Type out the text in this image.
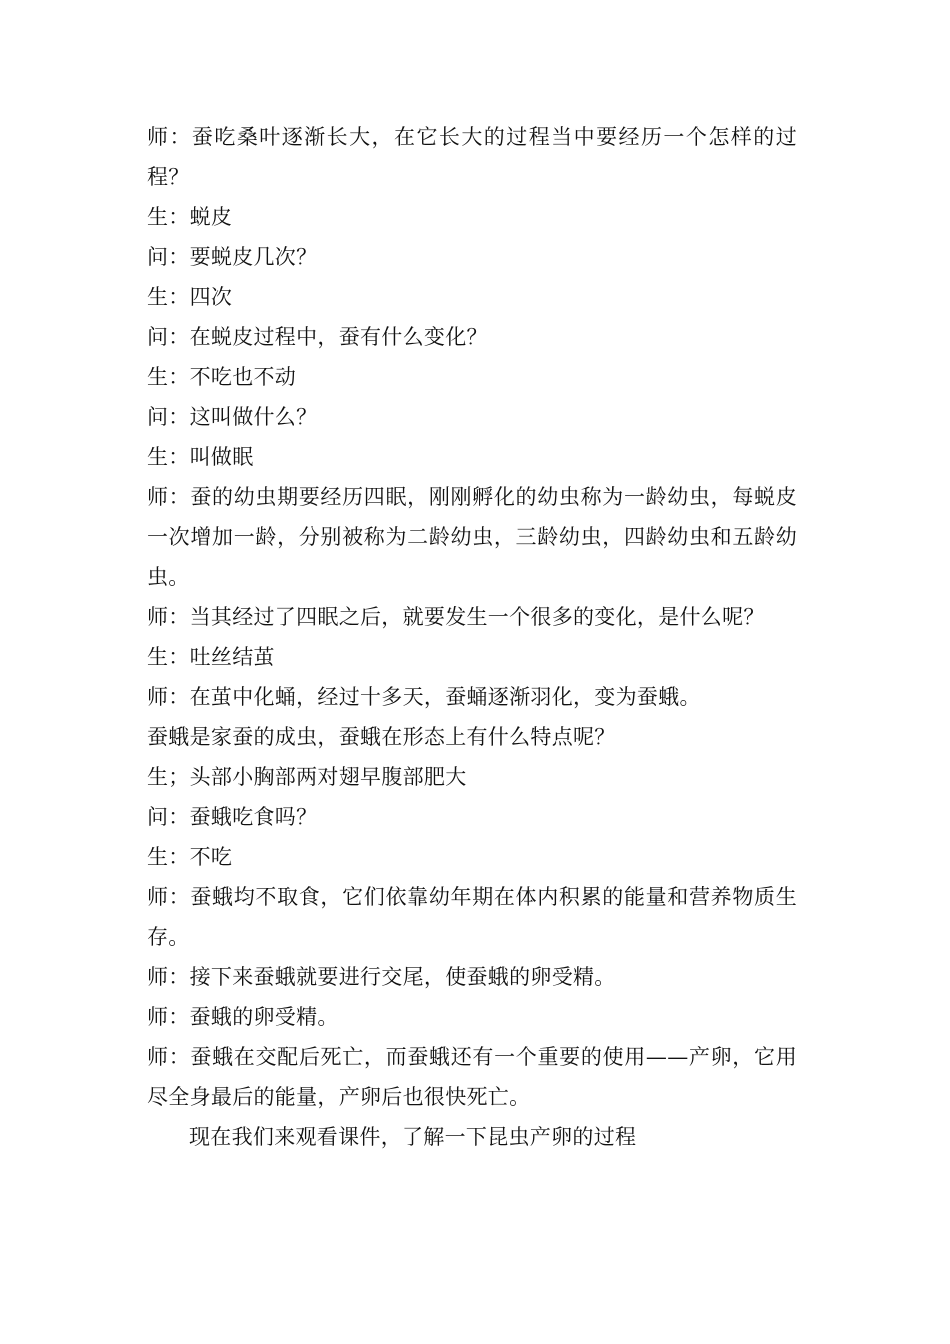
师：蚕吃桑叶逐渐长大，在它长大的过程当中要经历一个怎样的过程？

生：蜕皮

问：要蜕皮几次？

生：四次

问：在蜕皮过程中，蚕有什么变化？

生：不吃也不动

问：这叫做什么？

生：叫做眠

师：蚕的幼虫期要经历四眠，刚刚孵化的幼虫称为一龄幼虫，每蜕皮一次增加一龄，分别被称为二龄幼虫，三龄幼虫，四龄幼虫和五龄幼虫。

师：当其经过了四眠之后，就要发生一个很多的变化，是什么呢？

生：吐丝结茧

师：在茧中化蛹，经过十多天，蚕蛹逐渐羽化，变为蚕蛾。

蚕蛾是家蚕的成虫，蚕蛾在形态上有什么特点呢？

生；头部小胸部两对翅早腹部肥大

问：蚕蛾吃食吗？

生：不吃

师：蚕蛾均不取食，它们依靠幼年期在体内积累的能量和营养物质生存。

师：接下来蚕蛾就要进行交尾，使蚕蛾的卵受精。

师：蚕蛾的卵受精。

师：蚕蛾在交配后死亡，而蚕蛾还有一个重要的使用——产卵，它用尽全身最后的能量，产卵后也很快死亡。

现在我们来观看课件，了解一下昆虫产卵的过程
